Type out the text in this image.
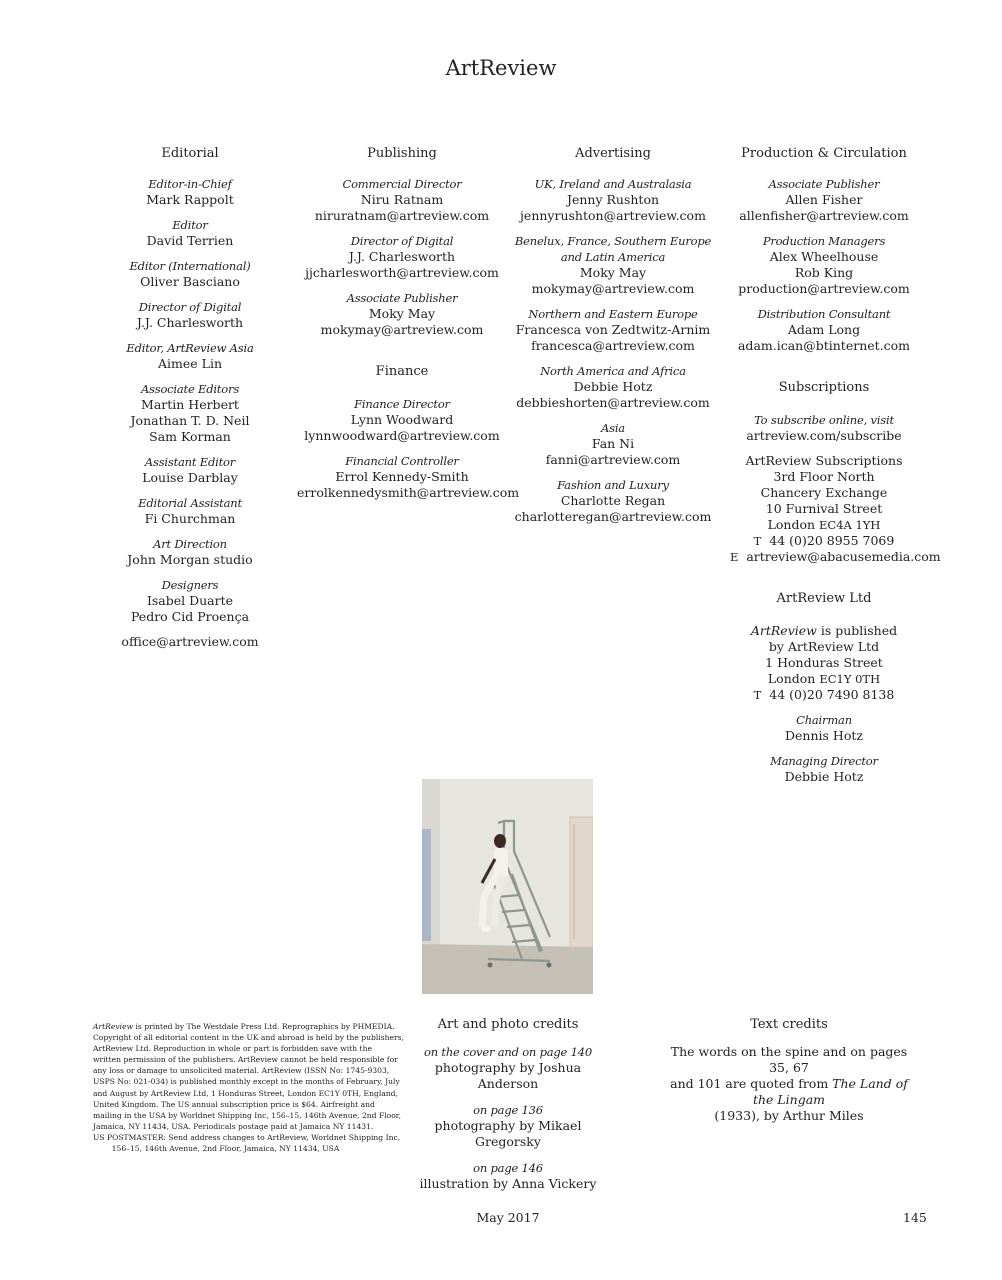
ArtReview
Editorial
Editor-in-Chief
Mark Rappolt
Editor
David Terrien
Editor (International)
Oliver Basciano
Director of Digital
J.J. Charlesworth
Editor, ArtReview Asia
Aimee Lin
Associate Editors
Martin Herbert
Jonathan T. D. Neil
Sam Korman
Assistant Editor
Louise Darblay
Editorial Assistant
Fi Churchman
Art Direction
John Morgan studio
Designers
Isabel Duarte
Pedro Cid Proença
office@artreview.com
Publishing
Commercial Director
Niru Ratnam
niruratnam@artreview.com
Director of Digital
J.J. Charlesworth
jjcharlesworth@artreview.com
Associate Publisher
Moky May
mokymay@artreview.com
Finance
Finance Director
Lynn Woodward
lynnwoodward@artreview.com
Financial Controller
Errol Kennedy-Smith
errolkennedysmith@artreview.com
Advertising
UK, Ireland and Australasia
Jenny Rushton
jennyrushton@artreview.com
Benelux, France, Southern Europe
and Latin America
Moky May
mokymay@artreview.com
Northern and Eastern Europe
Francesca von Zedtwitz-Arnim
francesca@artreview.com
North America and Africa
Debbie Hotz
debbieshorten@artreview.com
Asia
Fan Ni
fanni@artreview.com
Fashion and Luxury
Charlotte Regan
charlotteregan@artreview.com
Production & Circulation
Associate Publisher
Allen Fisher
allenfisher@artreview.com
Production Managers
Alex Wheelhouse
Rob King
production@artreview.com
Distribution Consultant
Adam Long
adam.ican@btinternet.com
Subscriptions
To subscribe online, visit
artreview.com/subscribe
ArtReview Subscriptions
3rd Floor North
Chancery Exchange
10 Furnival Street
London EC4A 1YH
T 44 (0)20 8955 7069
E artreview@abacusemedia.com
ArtReview Ltd
ArtReview is published
by ArtReview Ltd
1 Honduras Street
London EC1Y 0TH
T 44 (0)20 7490 8138
Chairman
Dennis Hotz
Managing Director
Debbie Hotz
ArtReview is printed by The Westdale Press Ltd. Reprographics by PHMEDIA.
Copyright of all editorial content in the UK and abroad is held by the publishers,
ArtReview Ltd. Reproduction in whole or part is forbidden save with the
written permission of the publishers. ArtReview cannot be held responsible for
any loss or damage to unsolicited material. ArtReview (ISSN No: 1745-9303,
USPS No: 021-034) is published monthly except in the months of February, July
and August by ArtReview Ltd, 1 Honduras Street, London EC1Y 0TH, England,
United Kingdom. The US annual subscription price is $64. Airfreight and
mailing in the USA by Worldnet Shipping Inc, 156–15, 146th Avenue, 2nd Floor,
Jamaica, NY 11434, USA. Periodicals postage paid at Jamaica NY 11431.
US POSTMASTER: Send address changes to ArtReview, Worldnet Shipping Inc,
156–15, 146th Avenue, 2nd Floor, Jamaica, NY 11434, USA
Art and photo credits
on the cover and on page 140
photography by Joshua Anderson
on page 136
photography by Mikael Gregorsky
on page 146
illustration by Anna Vickery
Text credits
The words on the spine and on pages 35, 67
and 101 are quoted from The Land of the Lingam
(1933), by Arthur Miles
May 2017	145
